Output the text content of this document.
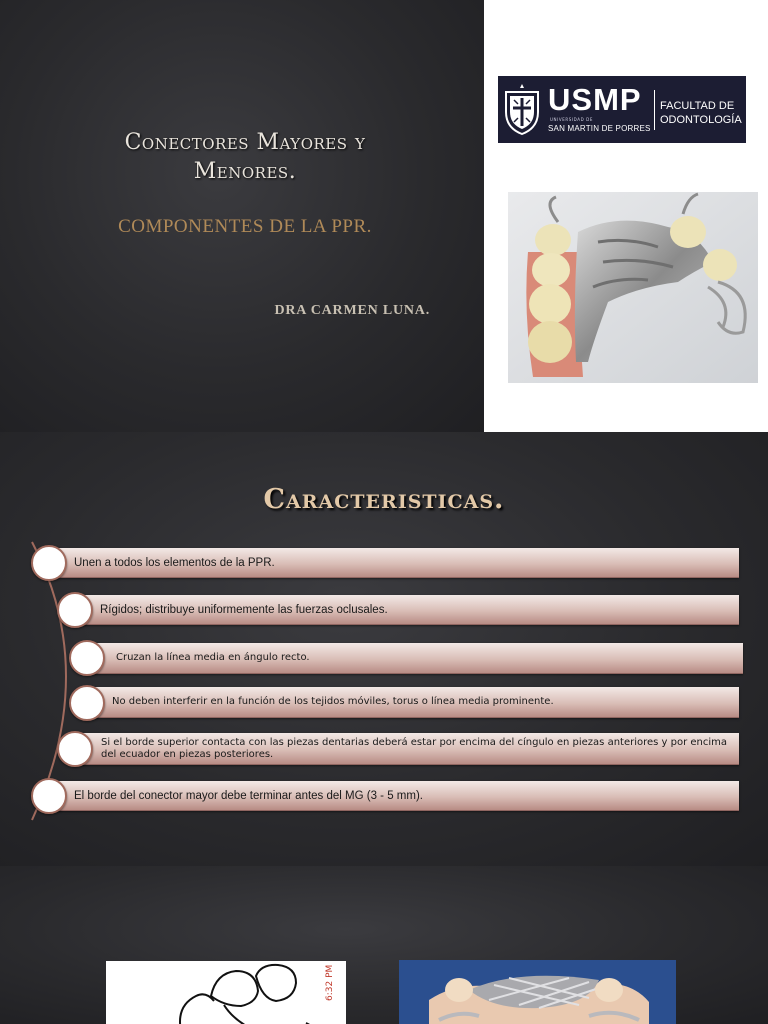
Conectores Mayores y
Menores.
COMPONENTES DE LA PPR.
DRA CARMEN LUNA.
USMP
UNIVERSIDAD DE
SAN MARTIN DE PORRES
FACULTAD DE
ODONTOLOGÍA
Caracteristicas.
Unen a todos los elementos de la PPR.
Rígidos; distribuye uniformemente las fuerzas oclusales.
Cruzan la línea media en ángulo recto.
No deben interferir en la función de los tejidos móviles, torus o línea media prominente.
Si el borde superior contacta con las piezas dentarias deberá estar por encima del cíngulo en piezas anteriores y por encima del ecuador en piezas posteriores.
El borde del conector mayor debe terminar antes del MG (3 - 5 mm).
6:32 PM
